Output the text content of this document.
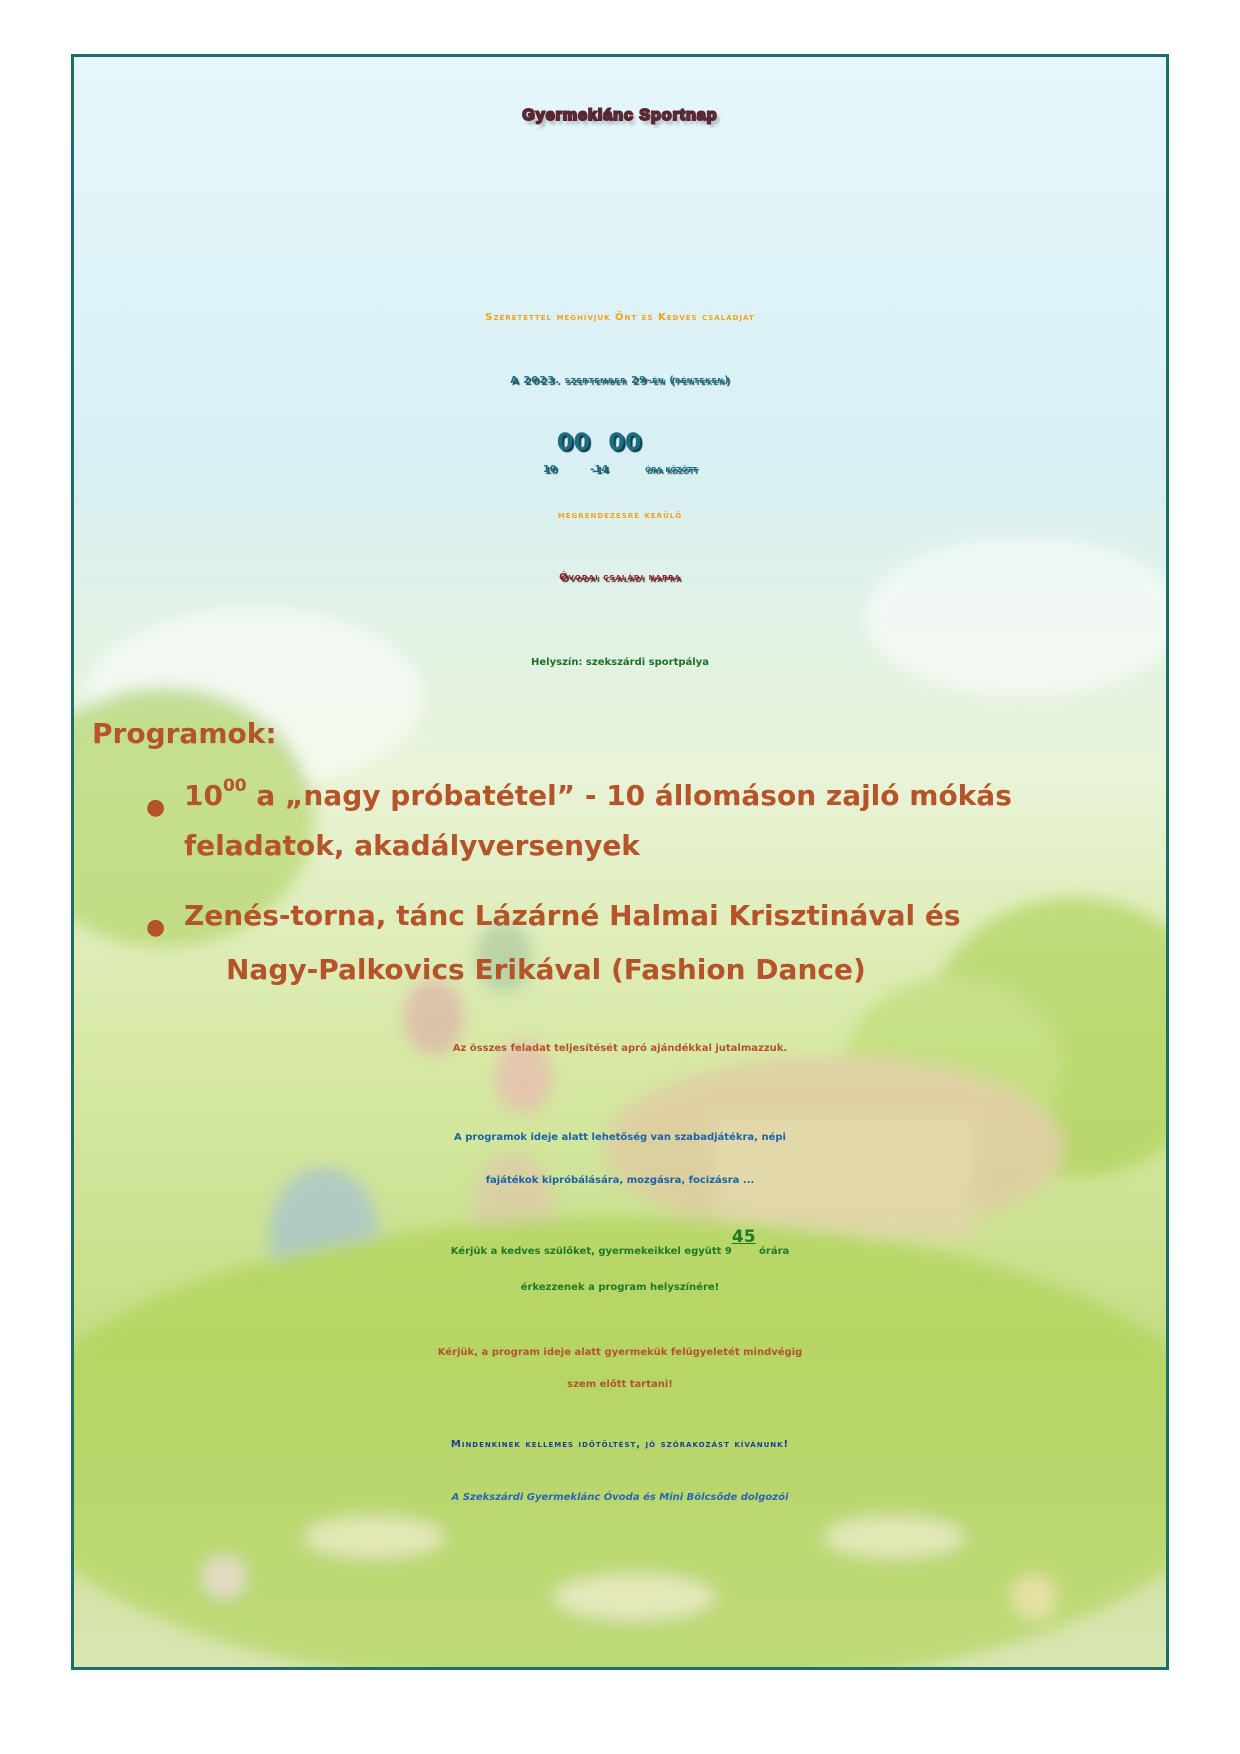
Gyermeklánc Sportnap
Szeretettel meghívjuk Önt és Kedves családját
A 2023. szeptember 29-én (pénteken)
$10^{00}-14^{00}$ óra között
megrendezésre kerülő
Óvodai családi napra
Helyszín: szekszárdi sportpálya
Programok:
● $10^{00}$ a „nagy próbatétel” - 10 állomáson zajló mókás
feladatok, akadályversenyek
● Zenés-torna, tánc Lázárné Halmai Krisztinával és
Nagy-Palkovics Erikával (Fashion Dance)
Az összes feladat teljesítését apró ajándékkal jutalmazzuk.
A programok ideje alatt lehetőség van szabadjátékra, népi
fajátékok kipróbálására, mozgásra, focizásra ...
Kérjük a kedves szülőket, gyermekeikkel együtt $9^{45}$ órára
érkezzenek a program helyszínére!
Kérjük, a program ideje alatt gyermekük felügyeletét mindvégig
szem előtt tartani!
Mindenkinek kellemes időtöltést, jó szórakozást kívánunk!
A Szekszárdi Gyermeklánc Óvoda és Mini Bölcsőde dolgozói
